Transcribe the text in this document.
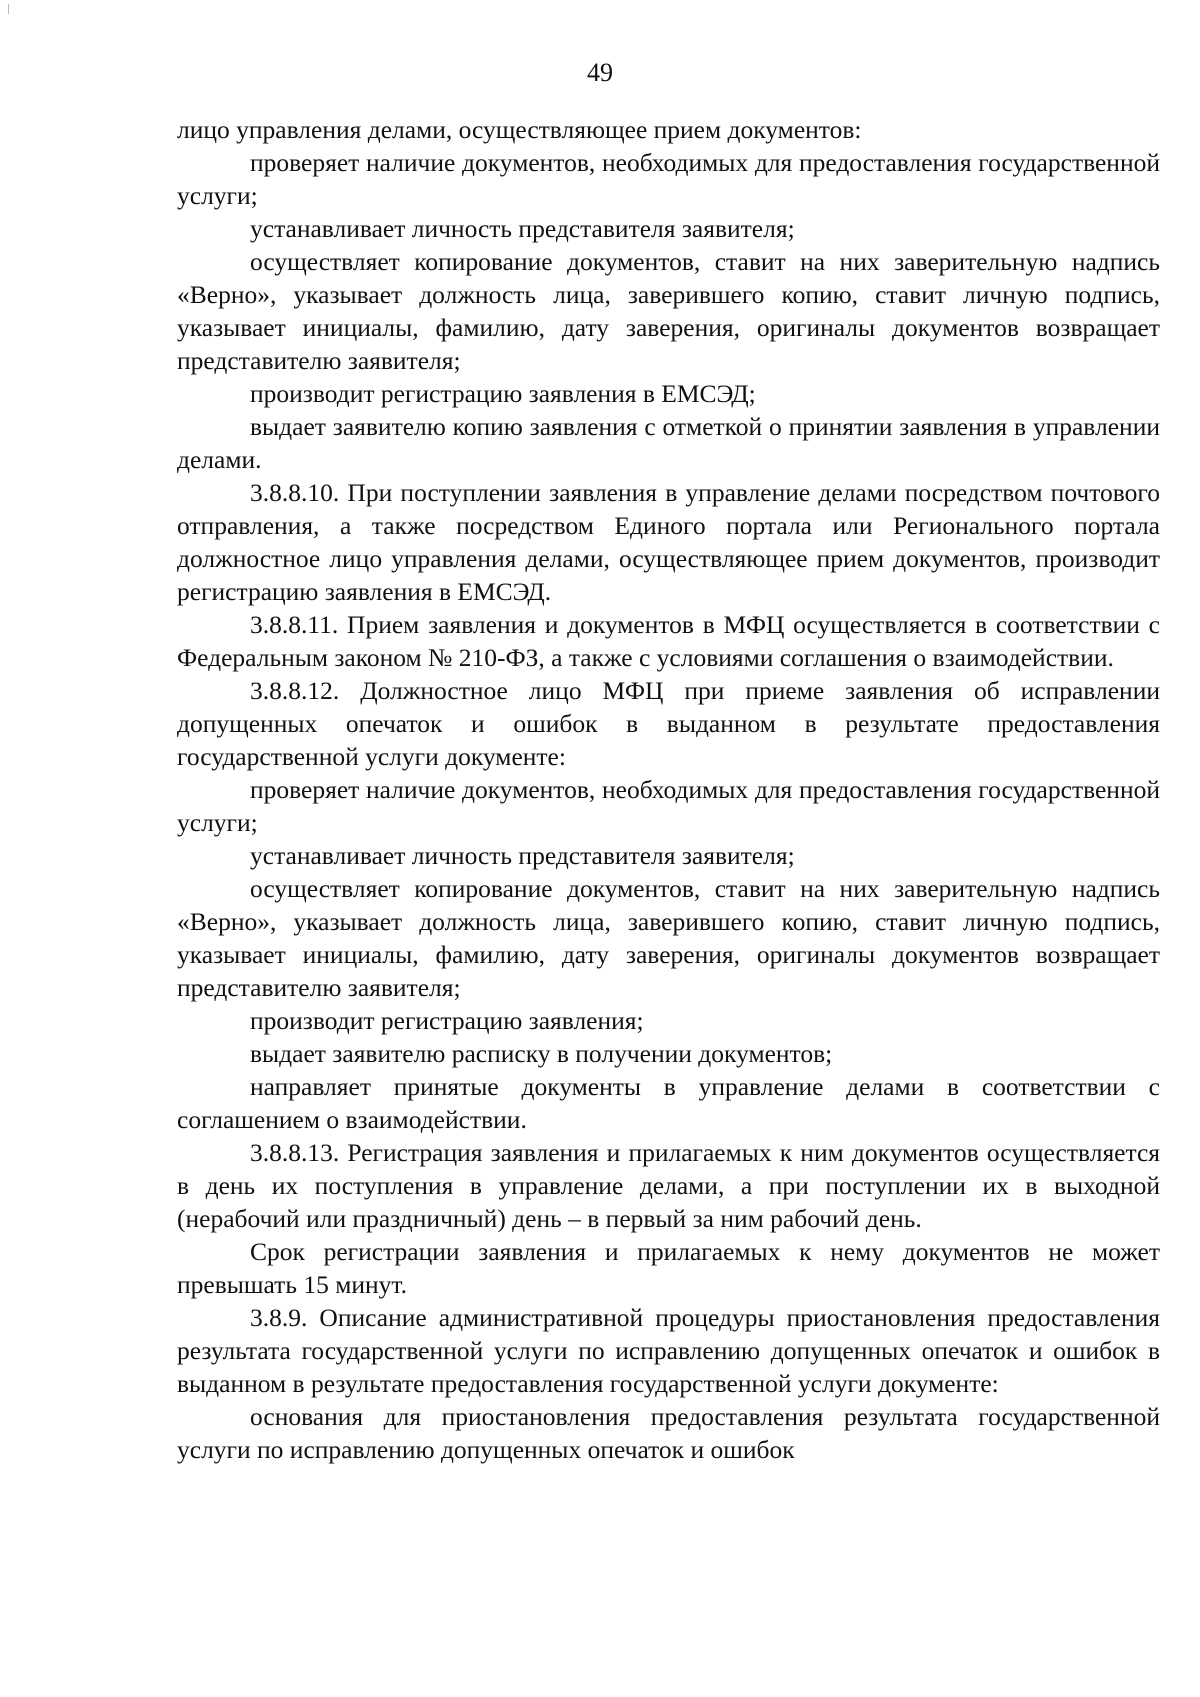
49

лицо управления делами, осуществляющее прием документов:

проверяет наличие документов, необходимых для предоставления государственной услуги;

устанавливает личность представителя заявителя;

осуществляет копирование документов, ставит на них заверительную надпись «Верно», указывает должность лица, заверившего копию, ставит личную подпись, указывает инициалы, фамилию, дату заверения, оригиналы документов возвращает представителю заявителя;

производит регистрацию заявления в ЕМСЭД;

выдает заявителю копию заявления с отметкой о принятии заявления в управлении делами.

3.8.8.10. При поступлении заявления в управление делами посредством почтового отправления, а также посредством Единого портала или Регионального портала должностное лицо управления делами, осуществляющее прием документов, производит регистрацию заявления в ЕМСЭД.

3.8.8.11. Прием заявления и документов в МФЦ осуществляется в соответствии с Федеральным законом № 210-ФЗ, а также с условиями соглашения о взаимодействии.

3.8.8.12. Должностное лицо МФЦ при приеме заявления об исправлении допущенных опечаток и ошибок в выданном в результате предоставления государственной услуги документе:

проверяет наличие документов, необходимых для предоставления государственной услуги;

устанавливает личность представителя заявителя;

осуществляет копирование документов, ставит на них заверительную надпись «Верно», указывает должность лица, заверившего копию, ставит личную подпись, указывает инициалы, фамилию, дату заверения, оригиналы документов возвращает представителю заявителя;

производит регистрацию заявления;

выдает заявителю расписку в получении документов;

направляет принятые документы в управление делами в соответствии с соглашением о взаимодействии.

3.8.8.13. Регистрация заявления и прилагаемых к ним документов осуществляется в день их поступления в управление делами, а при поступлении их в выходной (нерабочий или праздничный) день – в первый за ним рабочий день.

Срок регистрации заявления и прилагаемых к нему документов не может превышать 15 минут.

3.8.9. Описание административной процедуры приостановления предоставления результата государственной услуги по исправлению допущенных опечаток и ошибок в выданном в результате предоставления государственной услуги документе:

основания для приостановления предоставления результата государственной услуги по исправлению допущенных опечаток и ошибок
